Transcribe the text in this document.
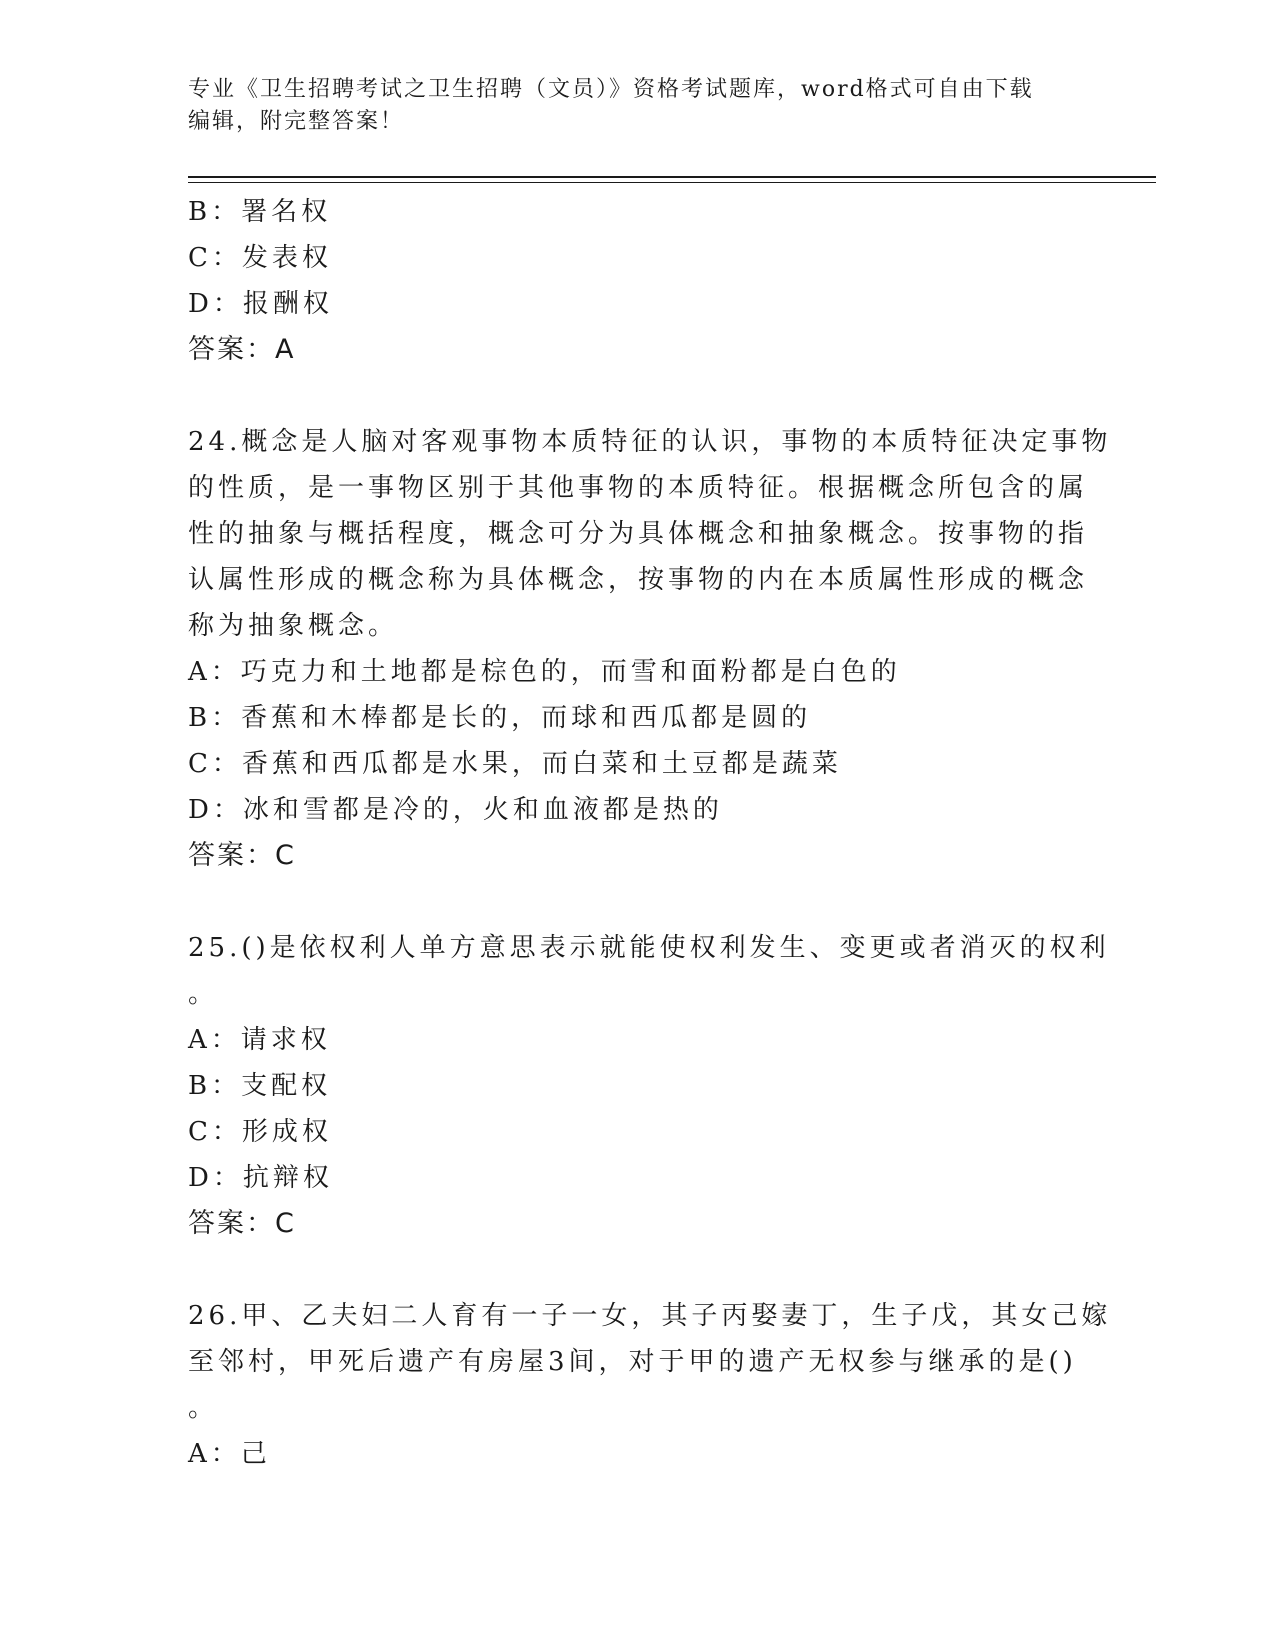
专业《卫生招聘考试之卫生招聘（文员）》资格考试题库，word格式可自由下载
编辑，附完整答案！
B：署名权
C：发表权
D：报酬权
答案：A
24.概念是人脑对客观事物本质特征的认识，事物的本质特征决定事物
的性质，是一事物区别于其他事物的本质特征。根据概念所包含的属
性的抽象与概括程度，概念可分为具体概念和抽象概念。按事物的指
认属性形成的概念称为具体概念，按事物的内在本质属性形成的概念
称为抽象概念。
A：巧克力和土地都是棕色的，而雪和面粉都是白色的
B：香蕉和木棒都是长的，而球和西瓜都是圆的
C：香蕉和西瓜都是水果，而白菜和土豆都是蔬菜
D：冰和雪都是冷的，火和血液都是热的
答案：C
25.()是依权利人单方意思表示就能使权利发生、变更或者消灭的权利
。
A：请求权
B：支配权
C：形成权
D：抗辩权
答案：C
26.甲、乙夫妇二人育有一子一女，其子丙娶妻丁，生子戊，其女己嫁
至邻村，甲死后遗产有房屋3间，对于甲的遗产无权参与继承的是()
。
A：己
